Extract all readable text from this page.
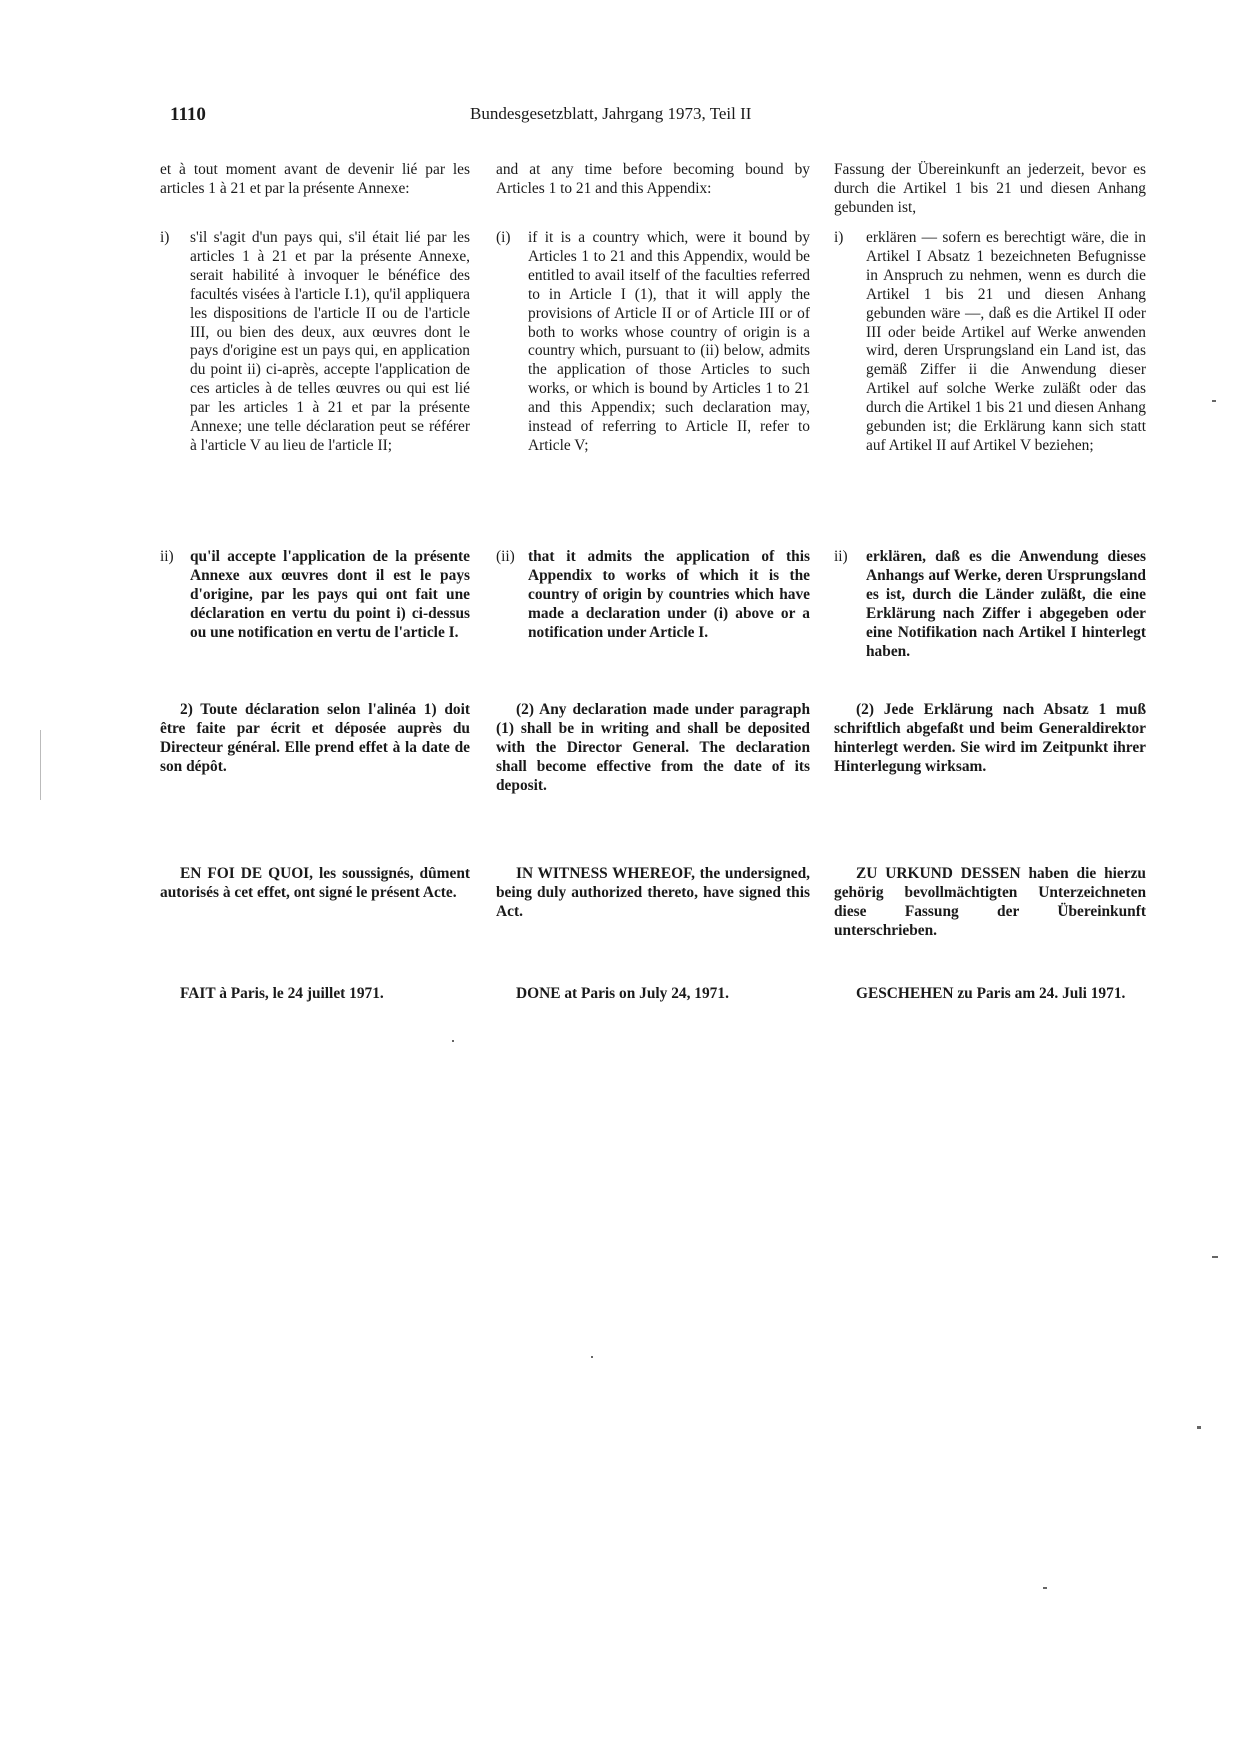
1110	Bundesgesetzblatt, Jahrgang 1973, Teil II
et à tout moment avant de devenir lié par les articles 1 à 21 et par la présente Annexe:
i) s'il s'agit d'un pays qui, s'il était lié par les articles 1 à 21 et par la présente Annexe, serait habilité à invoquer le bénéfice des facultés visées à l'article I.1), qu'il appliquera les dispositions de l'article II ou de l'article III, ou bien des deux, aux œuvres dont le pays d'origine est un pays qui, en application du point ii) ci-après, accepte l'application de ces articles à de telles œuvres ou qui est lié par les articles 1 à 21 et par la présente Annexe; une telle déclaration peut se référer à l'article V au lieu de l'article II;
ii) qu'il accepte l'application de la présente Annexe aux œuvres dont il est le pays d'origine, par les pays qui ont fait une déclaration en vertu du point i) ci-dessus ou une notification en vertu de l'article I.
2) Toute déclaration selon l'alinéa 1) doit être faite par écrit et déposée auprès du Directeur général. Elle prend effet à la date de son dépôt.
EN FOI DE QUOI, les soussignés, dûment autorisés à cet effet, ont signé le présent Acte.
FAIT à Paris, le 24 juillet 1971.
and at any time before becoming bound by Articles 1 to 21 and this Appendix:
(i) if it is a country which, were it bound by Articles 1 to 21 and this Appendix, would be entitled to avail itself of the faculties referred to in Article I (1), that it will apply the provisions of Article II or of Article III or of both to works whose country of origin is a country which, pursuant to (ii) below, admits the application of those Articles to such works, or which is bound by Articles 1 to 21 and this Appendix; such declaration may, instead of referring to Article II, refer to Article V;
(ii) that it admits the application of this Appendix to works of which it is the country of origin by countries which have made a declaration under (i) above or a notification under Article I.
(2) Any declaration made under paragraph (1) shall be in writing and shall be deposited with the Director General. The declaration shall become effective from the date of its deposit.
IN WITNESS WHEREOF, the undersigned, being duly authorized thereto, have signed this Act.
DONE at Paris on July 24, 1971.
Fassung der Übereinkunft an jederzeit, bevor es durch die Artikel 1 bis 21 und diesen Anhang gebunden ist,
i) erklären — sofern es berechtigt wäre, die in Artikel I Absatz 1 bezeichneten Befugnisse in Anspruch zu nehmen, wenn es durch die Artikel 1 bis 21 und diesen Anhang gebunden wäre —, daß es die Artikel II oder III oder beide Artikel auf Werke anwenden wird, deren Ursprungsland ein Land ist, das gemäß Ziffer ii die Anwendung dieser Artikel auf solche Werke zuläßt oder das durch die Artikel 1 bis 21 und diesen Anhang gebunden ist; die Erklärung kann sich statt auf Artikel II auf Artikel V beziehen;
ii) erklären, daß es die Anwendung dieses Anhangs auf Werke, deren Ursprungsland es ist, durch die Länder zuläßt, die eine Erklärung nach Ziffer i abgegeben oder eine Notifikation nach Artikel I hinterlegt haben.
(2) Jede Erklärung nach Absatz 1 muß schriftlich abgefaßt und beim Generaldirektor hinterlegt werden. Sie wird im Zeitpunkt ihrer Hinterlegung wirksam.
ZU URKUND DESSEN haben die hierzu gehörig bevollmächtigten Unterzeichneten diese Fassung der Übereinkunft unterschrieben.
GESCHEHEN zu Paris am 24. Juli 1971.
